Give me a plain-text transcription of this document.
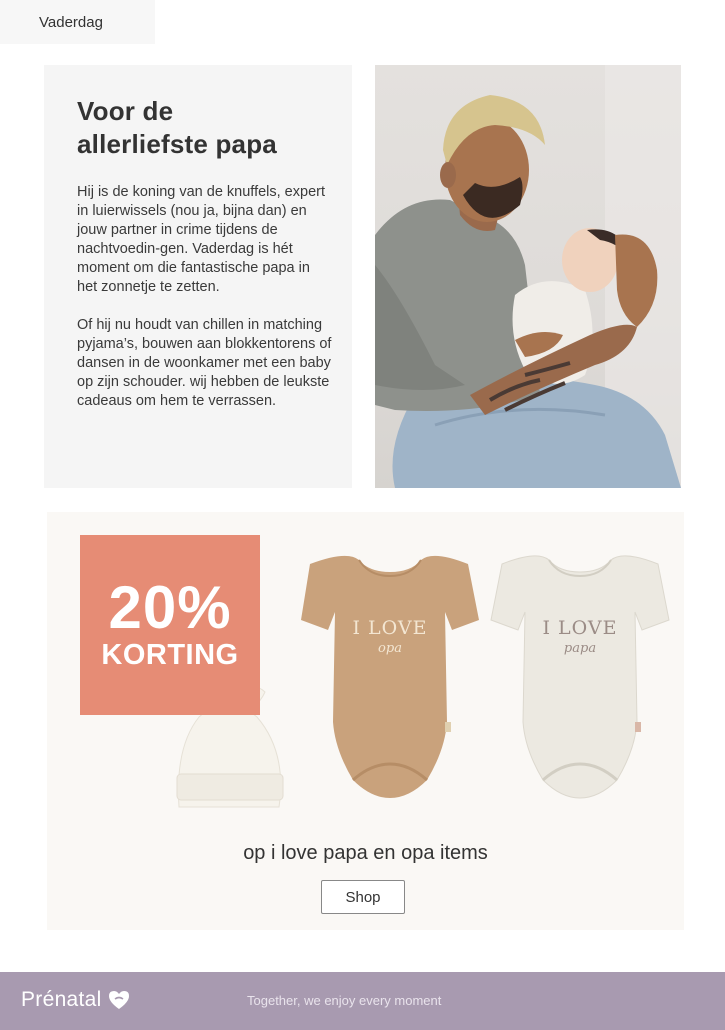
Vaderdag
Voor de
allerliefste papa

Hij is de koning van de knuffels, expert in luierwissels (nou ja, bijna dan) en jouw partner in crime tijdens de nachtvoedin-gen. Vaderdag is hét moment om die fantastische papa in het zonnetje te zetten.

Of hij nu houdt van chillen in matching pyjama’s, bouwen aan blokkentorens of dansen in de woonkamer met een baby op zijn schouder. wij hebben de leukste cadeaus om hem te verrassen.

20%
KORTING
I LOVE
opa
I LOVE
papa
op i love papa en opa items
Shop
Prénatal	Together, we enjoy every moment
